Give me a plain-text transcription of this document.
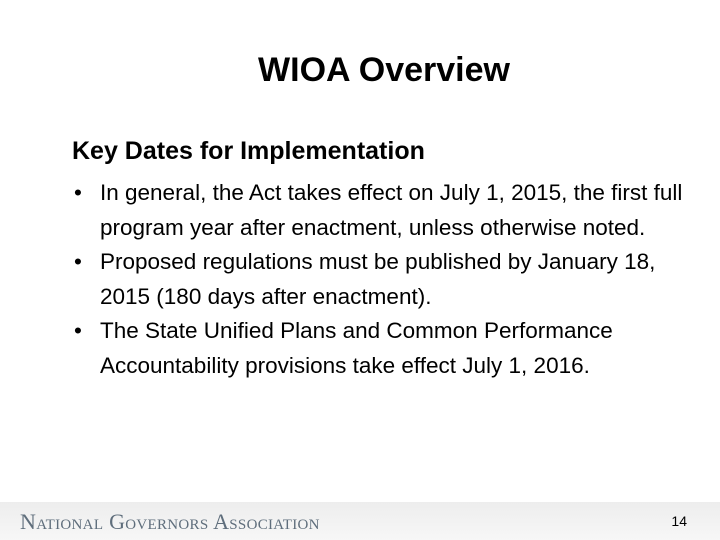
WIOA Overview
Key Dates for Implementation
• In general, the Act takes effect on July 1, 2015, the first full program year after enactment, unless otherwise noted.
• Proposed regulations must be published by January 18, 2015 (180 days after enactment).
• The State Unified Plans and Common Performance Accountability provisions take effect July 1, 2016.
National Governors Association	14
